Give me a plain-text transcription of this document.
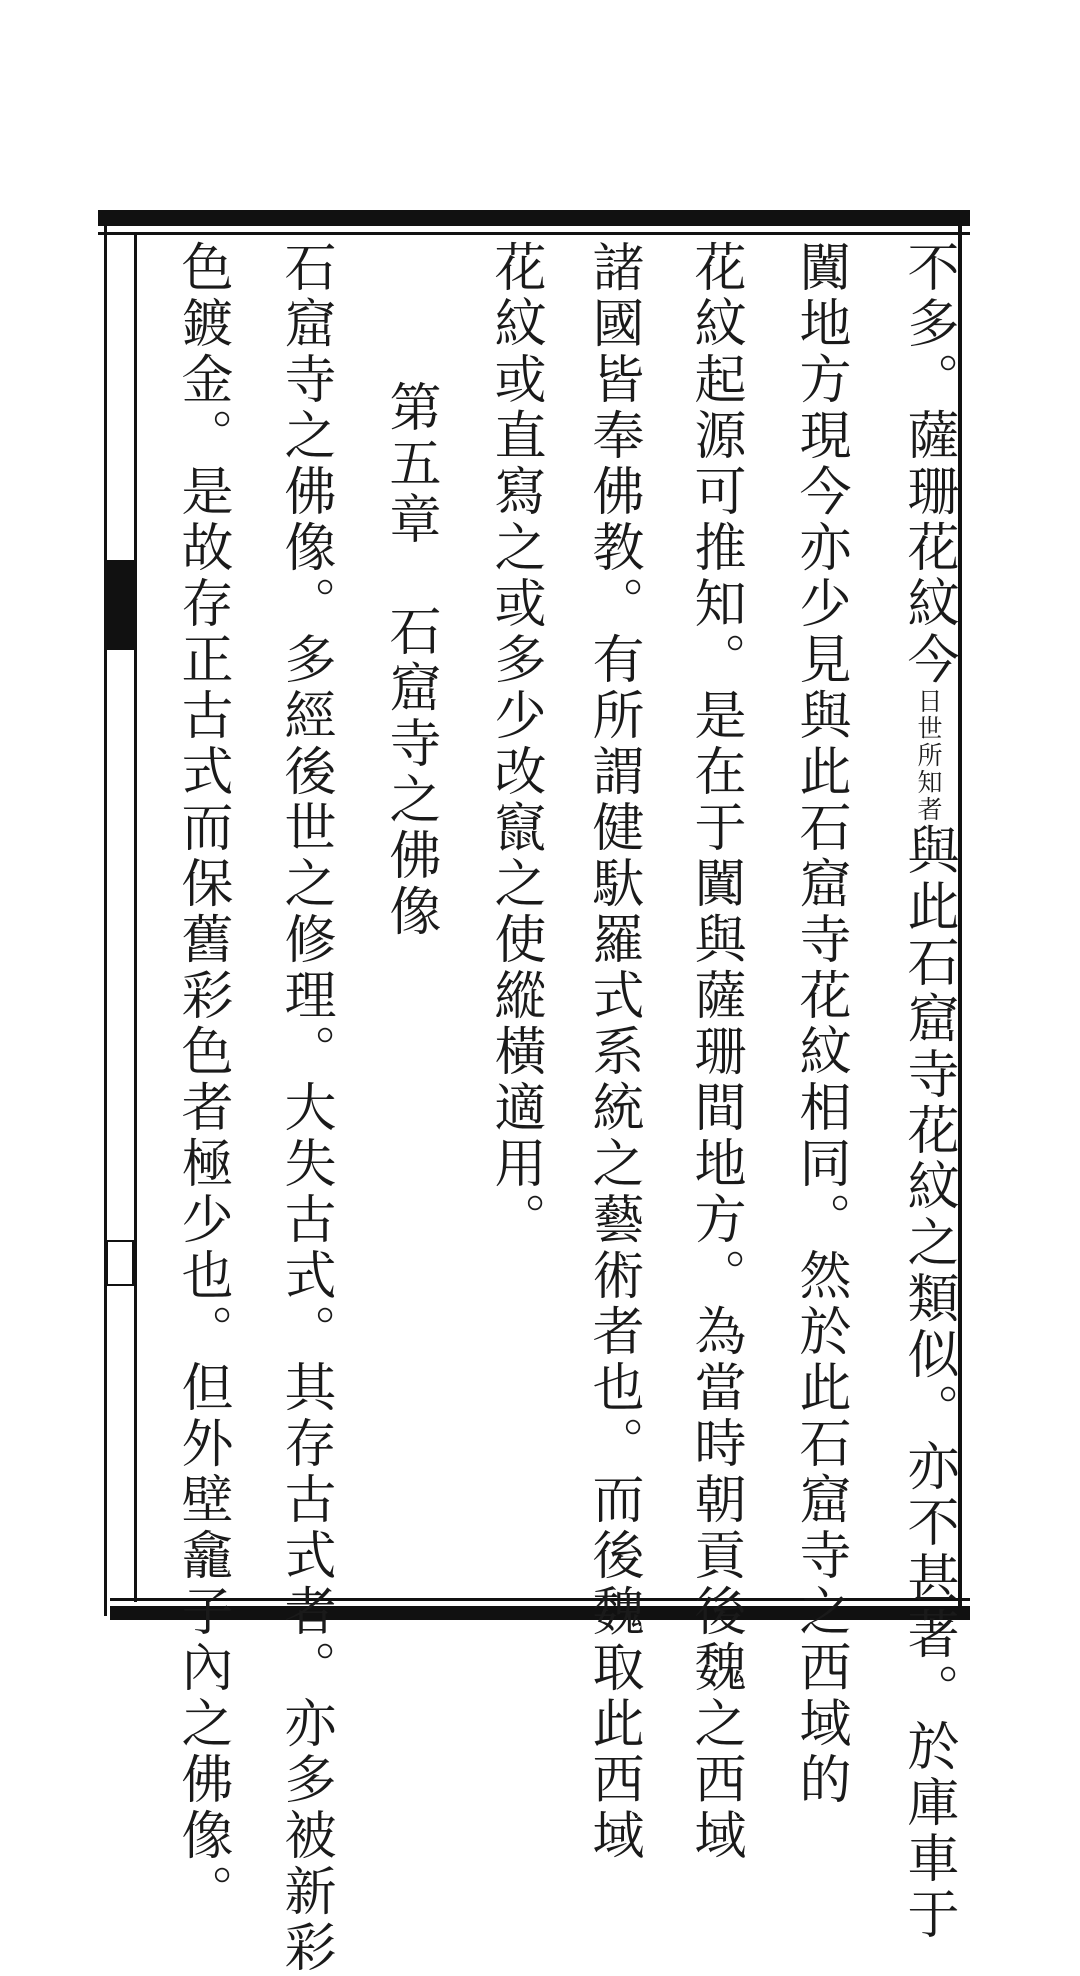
不多。薩珊花紋今日世所知者與此石窟寺花紋之類似。亦不甚著。於庫車于
闐地方現今亦少見與此石窟寺花紋相同。然於此石窟寺之西域的
花紋起源可推知。是在于闐與薩珊間地方。為當時朝貢後魏之西域
諸國皆奉佛教。有所謂健馱羅式系統之藝術者也。而後魏取此西域
花紋或直寫之或多少改竄之使縱橫適用。
第五章　石窟寺之佛像
石窟寺之佛像。多經後世之修理。大失古式。其存古式者。亦多被新彩
色鍍金。是故存正古式而保舊彩色者極少也。但外壁龕子內之佛像。
